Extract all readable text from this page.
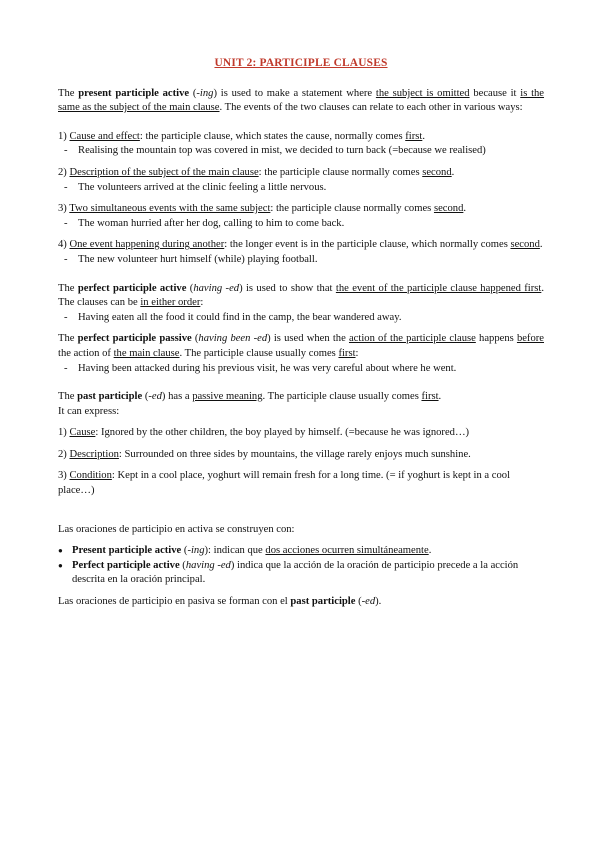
UNIT 2: PARTICIPLE CLAUSES

The present participle active (-ing) is used to make a statement where the subject is omitted because it is the same as the subject of the main clause. The events of the two clauses can relate to each other in various ways:

1) Cause and effect: the participle clause, which states the cause, normally comes first.

- Realising the mountain top was covered in mist, we decided to turn back (=because we realised)

2) Description of the subject of the main clause: the participle clause normally comes second.

- The volunteers arrived at the clinic feeling a little nervous.

3) Two simultaneous events with the same subject: the participle clause normally comes second.

- The woman hurried after her dog, calling to him to come back.

4) One event happening during another: the longer event is in the participle clause, which normally comes second.

- The new volunteer hurt himself (while) playing football.

The perfect participle active (having -ed) is used to show that the event of the participle clause happened first. The clauses can be in either order:

- Having eaten all the food it could find in the camp, the bear wandered away.

The perfect participle passive (having been -ed) is used when the action of the participle clause happens before the action of the main clause. The participle clause usually comes first:

- Having been attacked during his previous visit, he was very careful about where he went.

The past participle (-ed) has a passive meaning. The participle clause usually comes first.

It can express:

1) Cause: Ignored by the other children, the boy played by himself. (=because he was ignored…)

2) Description: Surrounded on three sides by mountains, the village rarely enjoys much sunshine.

3) Condition: Kept in a cool place, yoghurt will remain fresh for a long time. (= if yoghurt is kept in a cool place…)

Las oraciones de participio en activa se construyen con:

● Present participle active (-ing): indican que dos acciones ocurren simultáneamente.

● Perfect participle active (having -ed) indica que la acción de la oración de participio precede a la acción descrita en la oración principal.

Las oraciones de participio en pasiva se forman con el past participle (-ed).
